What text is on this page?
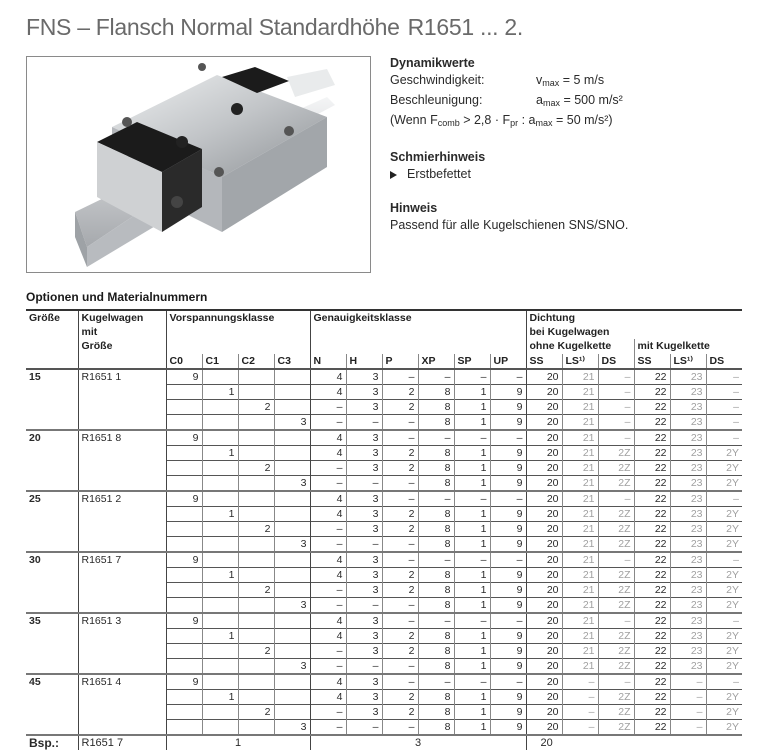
FNS – Flansch Normal Standardhöhe R1651 ... 2.
Dynamikwerte
Geschwindigkeit:	$v_{max} = 5$ m/s
Beschleunigung:	$a_{max} = 500$ m/s²
(Wenn $F_{comb} > 2,8 \cdot F_{pr}$ : $a_{max} = 50$ m/s²)
Schmierhinweis
Erstbefettet
Hinweis
Passend für alle Kugelschienen SNS/SNO.
Optionen und Materialnummern
Größe	Kugelwagen
mit
Größe	Vorspannungsklasse				Genauigkeitsklasse						Dichtung
bei Kugelwagen					

												ohne Kugelkette			mit Kugelkette		
		C0	C1	C2	C3	N	H	P	XP	SP	UP	SS	LS¹⁾	DS	SS	LS¹⁾	DS
15	R1651 1	9				4	3	–	–	–	–	20	21	–	22	23	–
			1			4	3	2	8	1	9	20	21	–	22	23	–
				2		–	3	2	8	1	9	20	21	–	22	23	–
					3	–	–	–	8	1	9	20	21	–	22	23	–
20	R1651 8	9				4	3	–	–	–	–	20	21	–	22	23	–
			1			4	3	2	8	1	9	20	21	2Z	22	23	2Y
				2		–	3	2	8	1	9	20	21	2Z	22	23	2Y
					3	–	–	–	8	1	9	20	21	2Z	22	23	2Y
25	R1651 2	9				4	3	–	–	–	–	20	21	–	22	23	–
			1			4	3	2	8	1	9	20	21	2Z	22	23	2Y
				2		–	3	2	8	1	9	20	21	2Z	22	23	2Y
					3	–	–	–	8	1	9	20	21	2Z	22	23	2Y
30	R1651 7	9				4	3	–	–	–	–	20	21	–	22	23	–
			1			4	3	2	8	1	9	20	21	2Z	22	23	2Y
				2		–	3	2	8	1	9	20	21	2Z	22	23	2Y
					3	–	–	–	8	1	9	20	21	2Z	22	23	2Y
35	R1651 3	9				4	3	–	–	–	–	20	21	–	22	23	–
			1			4	3	2	8	1	9	20	21	2Z	22	23	2Y
				2		–	3	2	8	1	9	20	21	2Z	22	23	2Y
					3	–	–	–	8	1	9	20	21	2Z	22	23	2Y
45	R1651 4	9				4	3	–	–	–	–	20	–	–	22	–	–
			1			4	3	2	8	1	9	20	–	2Z	22	–	2Y
				2		–	3	2	8	1	9	20	–	2Z	22	–	2Y
					3	–	–	–	8	1	9	20	–	2Z	22	–	2Y
Bsp.:	R1651 7	1				3						20					
